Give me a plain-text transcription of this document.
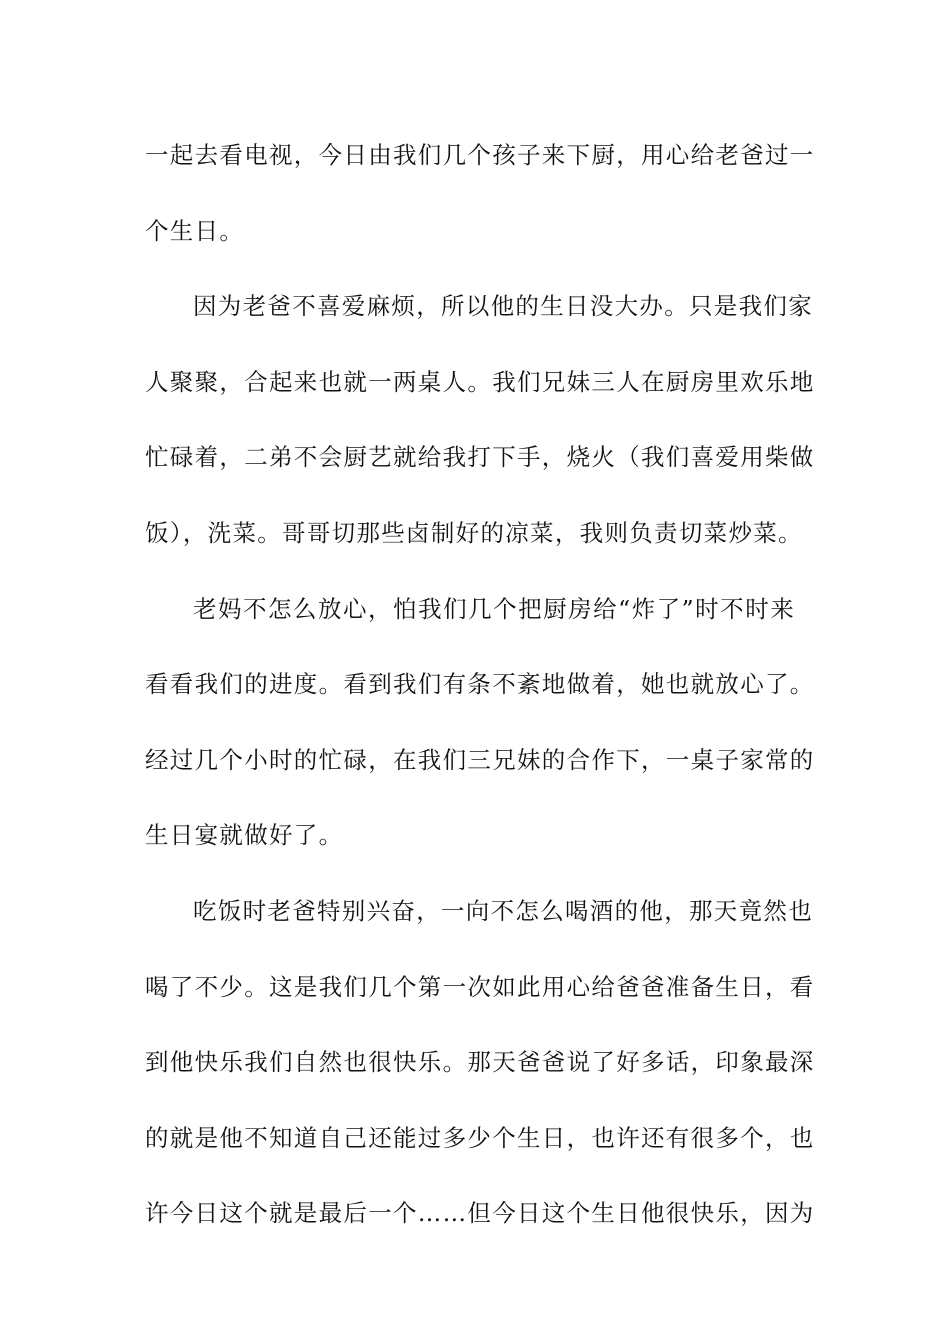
一起去看电视，今日由我们几个孩子来下厨，用心给老爸过一
个生日。
因为老爸不喜爱麻烦，所以他的生日没大办。只是我们家
人聚聚，合起来也就一两桌人。我们兄妹三人在厨房里欢乐地
忙碌着，二弟不会厨艺就给我打下手，烧火（我们喜爱用柴做
饭），洗菜。哥哥切那些卤制好的凉菜，我则负责切菜炒菜。
老妈不怎么放心，怕我们几个把厨房给“炸了”时不时来
看看我们的进度。看到我们有条不紊地做着，她也就放心了。
经过几个小时的忙碌，在我们三兄妹的合作下，一桌子家常的
生日宴就做好了。
吃饭时老爸特别兴奋，一向不怎么喝酒的他，那天竟然也
喝了不少。这是我们几个第一次如此用心给爸爸准备生日，看
到他快乐我们自然也很快乐。那天爸爸说了好多话，印象最深
的就是他不知道自己还能过多少个生日，也许还有很多个，也
许今日这个就是最后一个……但今日这个生日他很快乐，因为
